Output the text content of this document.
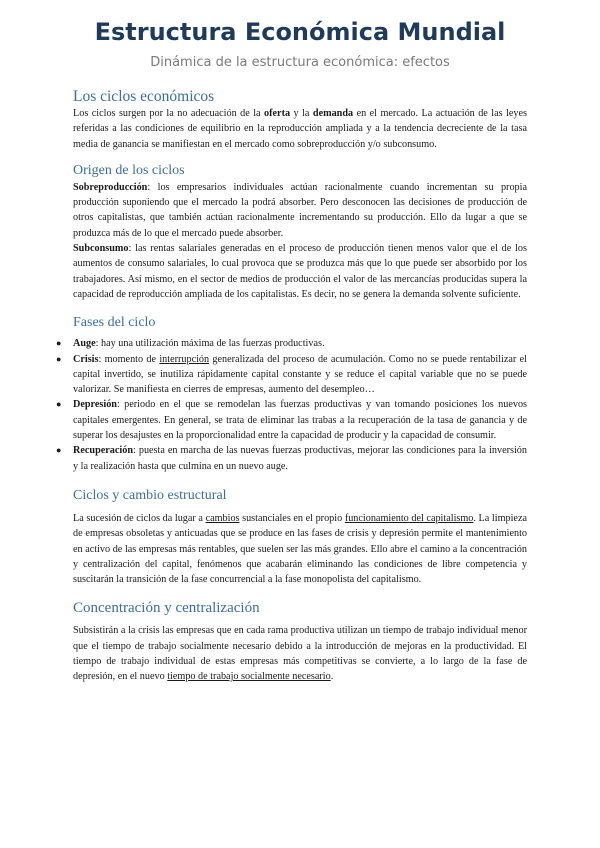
Estructura Económica Mundial
Dinámica de la estructura económica: efectos
Los ciclos económicos

Los ciclos surgen por la no adecuación de la oferta y la demanda en el mercado. La actuación de las leyes referidas a las condiciones de equilibrio en la reproducción ampliada y a la tendencia decreciente de la tasa media de ganancia se manifiestan en el mercado como sobreproducción y/o subconsumo.

Origen de los ciclos

Sobreproducción: los empresarios individuales actúan racionalmente cuando incrementan su propia producción suponiendo que el mercado la podrá absorber. Pero desconocen las decisiones de producción de otros capitalistas, que también actúan racionalmente incrementando su producción. Ello da lugar a que se produzca más de lo que el mercado puede absorber.

Subconsumo: las rentas salariales generadas en el proceso de producción tienen menos valor que el de los aumentos de consumo salariales, lo cual provoca que se produzca más que lo que puede ser absorbido por los trabajadores. Así mismo, en el sector de medios de producción el valor de las mercancías producidas supera la capacidad de reproducción ampliada de los capitalistas. Es decir, no se genera la demanda solvente suficiente.

Fases del ciclo
● Auge: hay una utilización máxima de las fuerzas productivas.
● Crisis: momento de interrupción generalizada del proceso de acumulación. Como no se puede rentabilizar el capital invertido, se inutiliza rápidamente capital constante y se reduce el capital variable que no se puede valorizar. Se manifiesta en cierres de empresas, aumento del desempleo…
● Depresión: periodo en el que se remodelan las fuerzas productivas y van tomando posiciones los nuevos capitales emergentes. En general, se trata de eliminar las trabas a la recuperación de la tasa de ganancia y de superar los desajustes en la proporcionalidad entre la capacidad de producir y la capacidad de consumir.
● Recuperación: puesta en marcha de las nuevas fuerzas productivas, mejorar las condiciones para la inversión y la realización hasta que culmina en un nuevo auge.
Ciclos y cambio estructural

La sucesión de ciclos da lugar a cambios sustanciales en el propio funcionamiento del capitalismo. La limpieza de empresas obsoletas y anticuadas que se produce en las fases de crisis y depresión permite el mantenimiento en activo de las empresas más rentables, que suelen ser las más grandes. Ello abre el camino a la concentración y centralización del capital, fenómenos que acabarán eliminando las condiciones de libre competencia y suscitarán la transición de la fase concurrencial a la fase monopolista del capitalismo.

Concentración y centralización

Subsistirán a la crisis las empresas que en cada rama productiva utilizan un tiempo de trabajo individual menor que el tiempo de trabajo socialmente necesario debido a la introducción de mejoras en la productividad. El tiempo de trabajo individual de estas empresas más competitivas se convierte, a lo largo de la fase de depresión, en el nuevo tiempo de trabajo socialmente necesario.
